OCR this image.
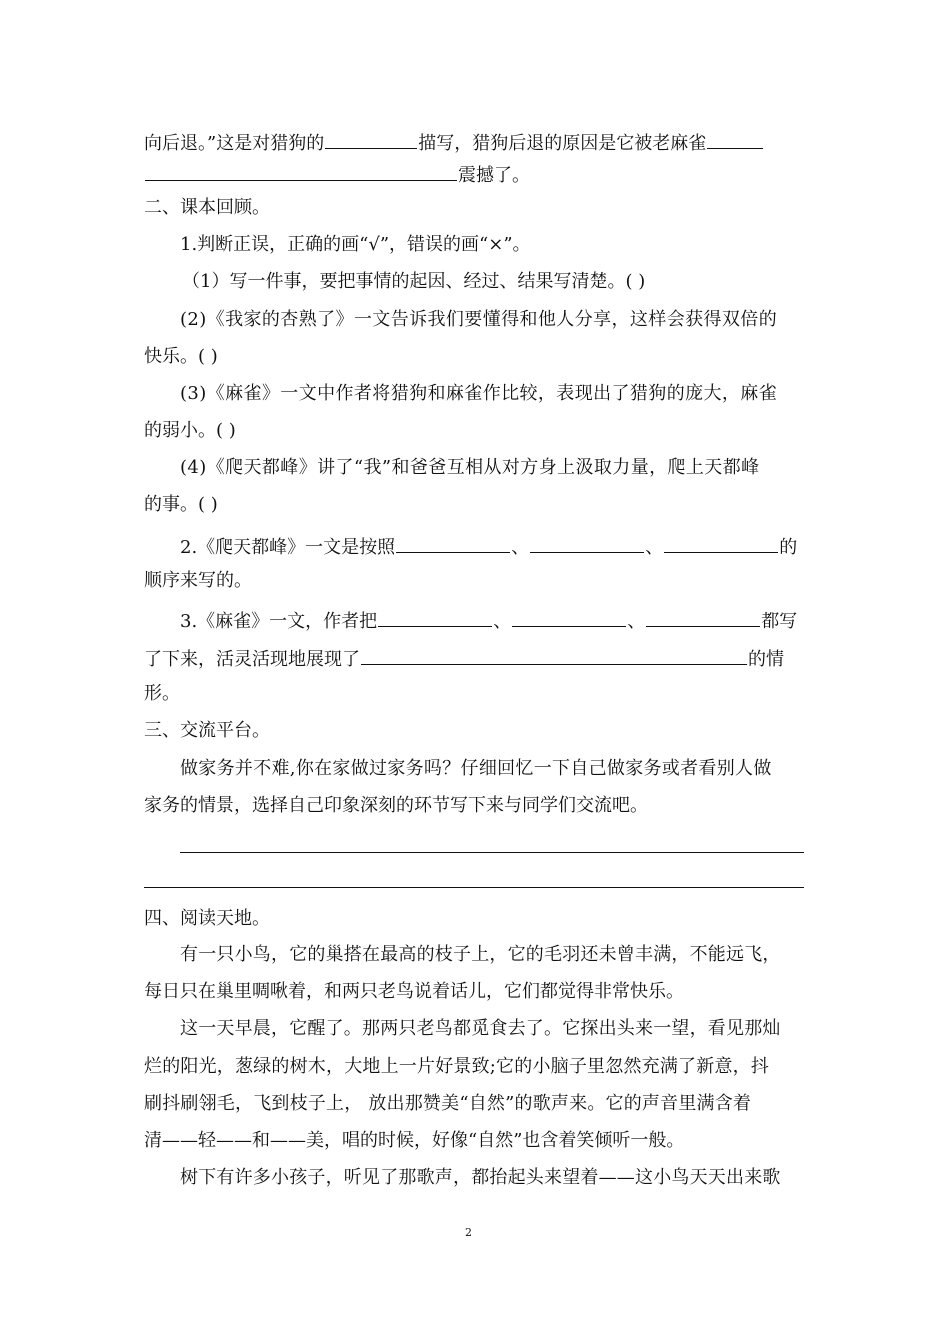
向后退。”这是对猎狗的	描写，猎狗后退的原因是它被老麻雀
震撼了。
二、课本回顾。
1.判断正误，正确的画“√”，错误的画“×”。
（1）写一件事，要把事情的起因、经过、结果写清楚。( )
(2)《我家的杏熟了》一文告诉我们要懂得和他人分享，这样会获得双倍的
快乐。( )
(3)《麻雀》一文中作者将猎狗和麻雀作比较，表现出了猎狗的庞大，麻雀
的弱小。( )
(4)《爬天都峰》讲了“我”和爸爸互相从对方身上汲取力量，爬上天都峰
的事。( )
2.《爬天都峰》一文是按照	、	、	的
顺序来写的。
3.《麻雀》一文，作者把	、	、	都写
了下来，活灵活现地展现了	的情
形。
三、交流平台。
做家务并不难,你在家做过家务吗？仔细回忆一下自己做家务或者看别人做
家务的情景，选择自己印象深刻的环节写下来与同学们交流吧。
四、阅读天地。
有一只小鸟，它的巢搭在最高的枝子上，它的毛羽还未曾丰满，不能远飞，
每日只在巢里啁啾着，和两只老鸟说着话儿，它们都觉得非常快乐。
这一天早晨，它醒了。那两只老鸟都觅食去了。它探出头来一望，看见那灿
烂的阳光，葱绿的树木，大地上一片好景致;它的小脑子里忽然充满了新意，抖
刷抖刷翎毛，飞到枝子上， 放出那赞美“自然”的歌声来。它的声音里满含着
清——轻——和——美，唱的时候，好像“自然”也含着笑倾听一般。
树下有许多小孩子，听见了那歌声，都抬起头来望着——这小鸟天天出来歌
2
